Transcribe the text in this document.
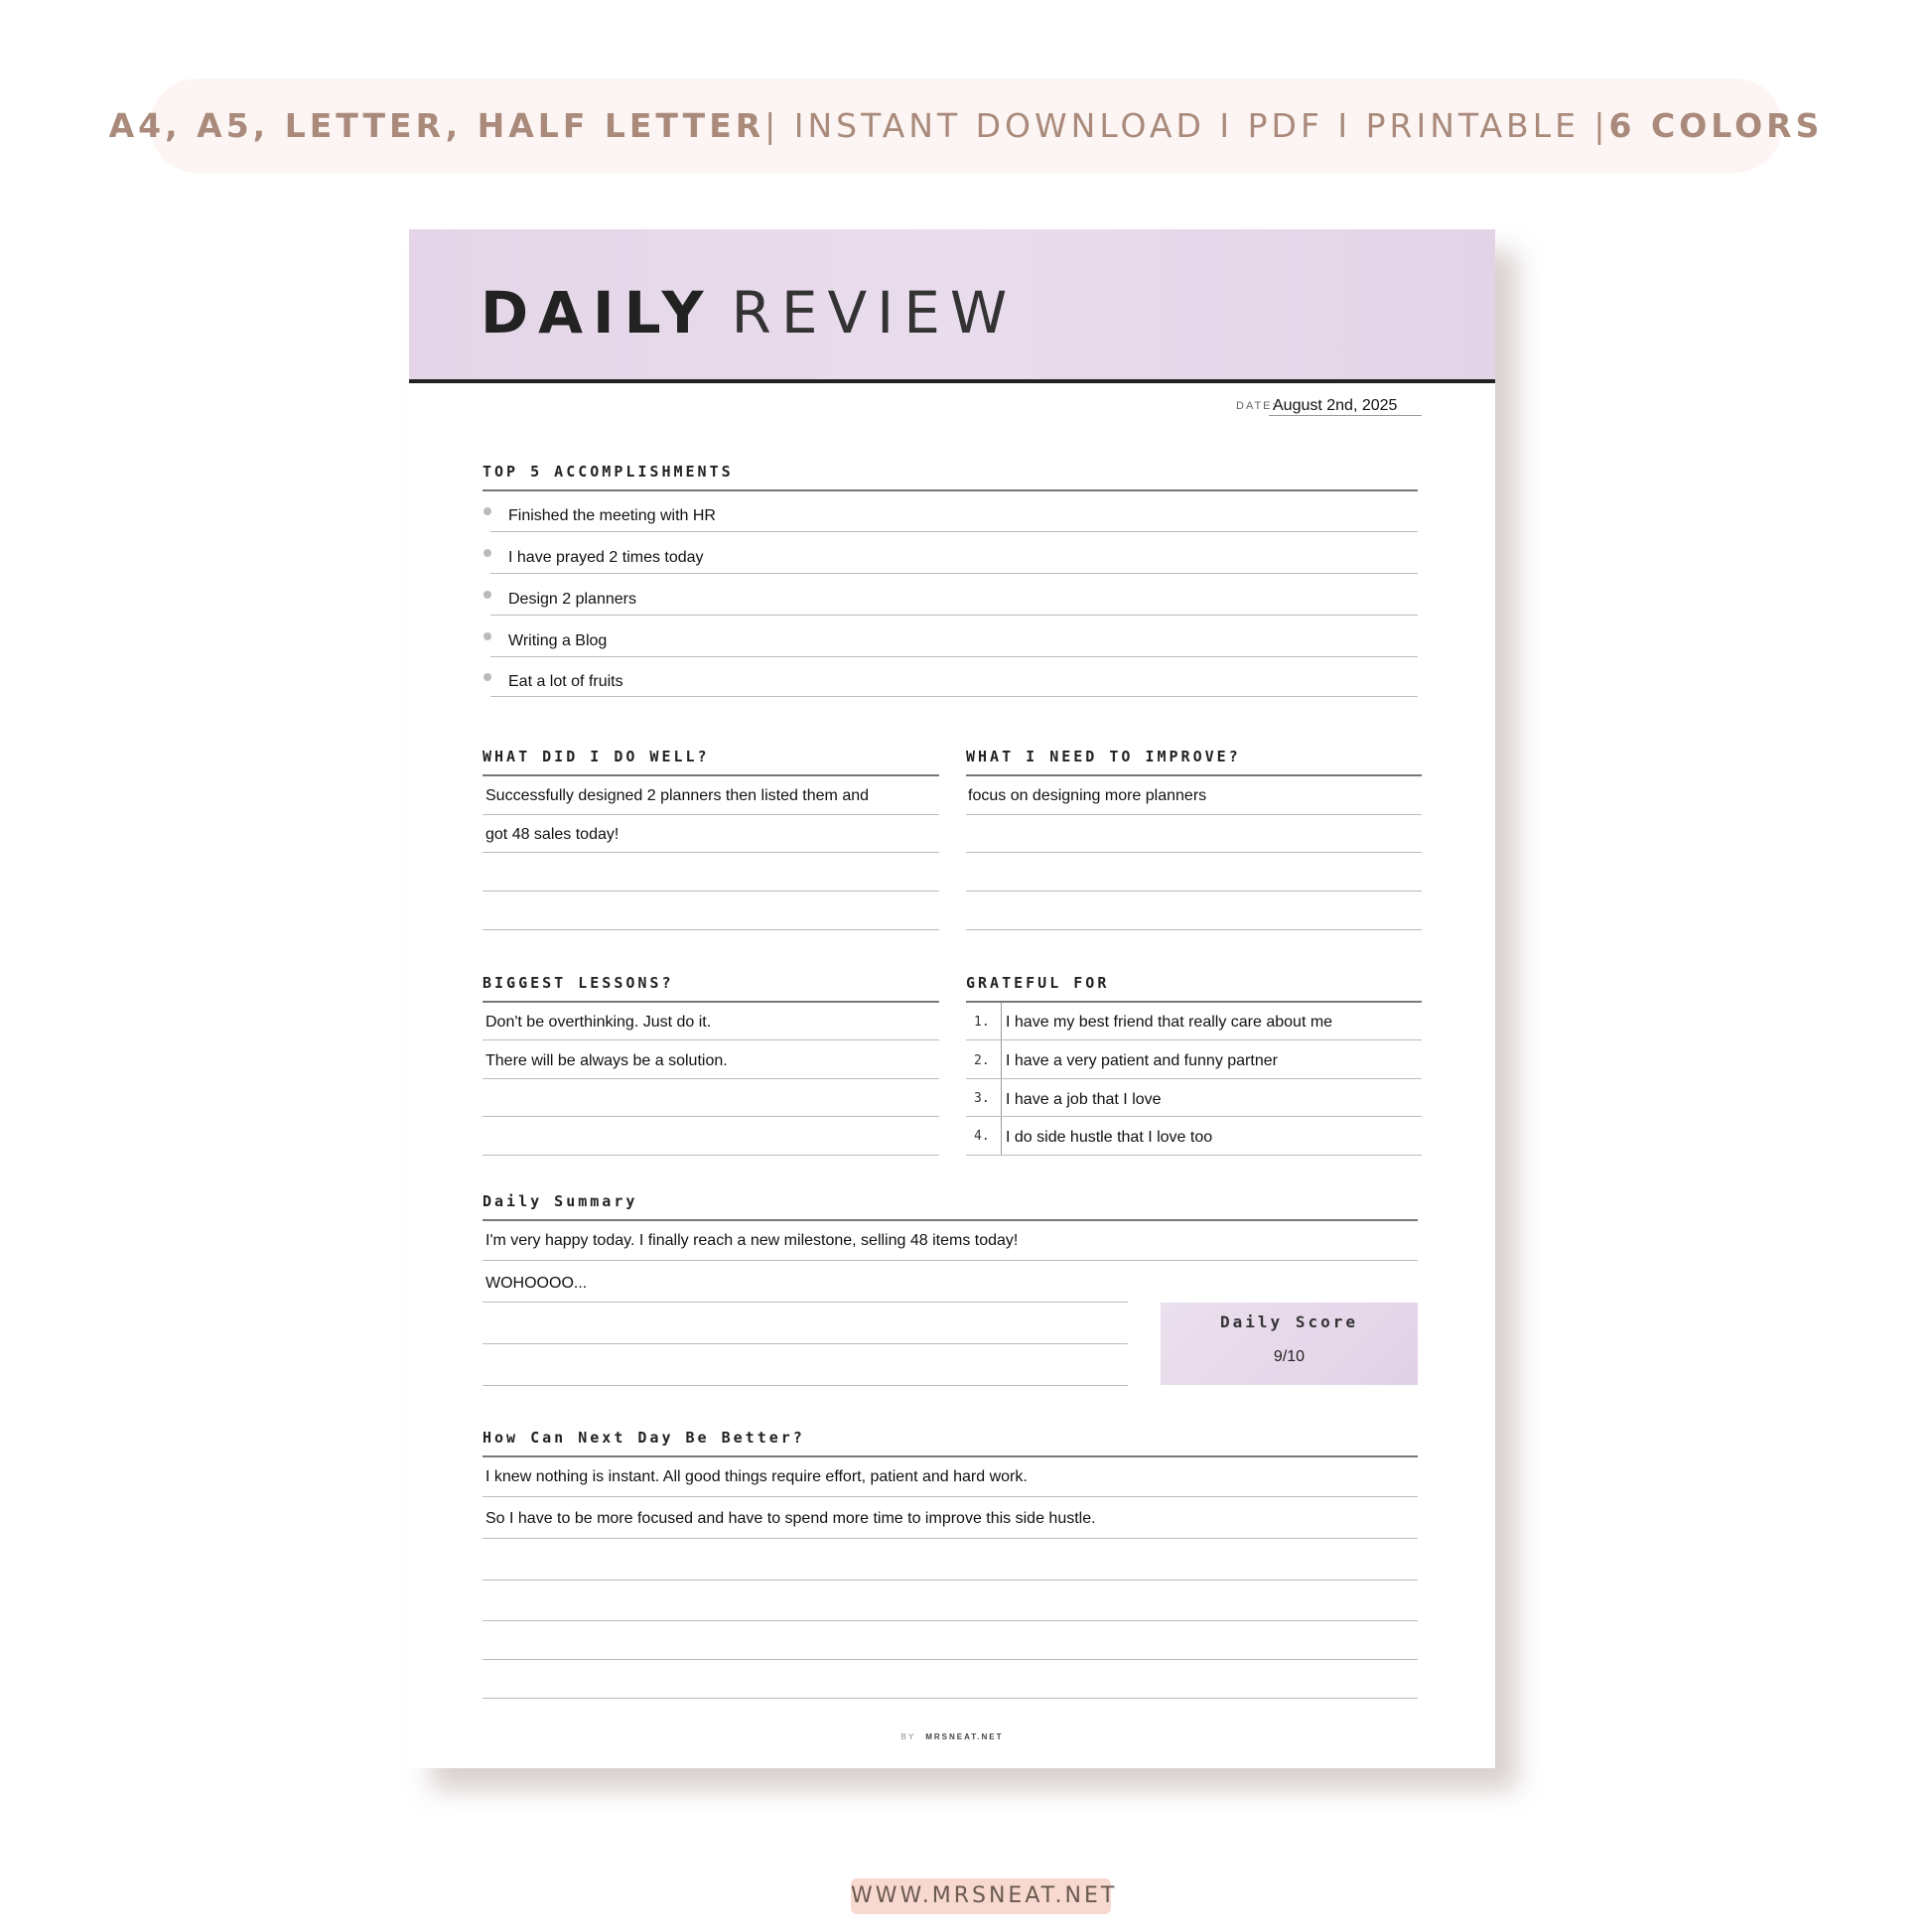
A4, A5, LETTER, HALF LETTER | INSTANT DOWNLOAD I PDF I PRINTABLE | 6 COLORS
DAILY REVIEW
DATE:
August 2nd, 2025
TOP 5 ACCOMPLISHMENTS
Finished the meeting with HR
I have prayed 2 times today
Design 2 planners
Writing a Blog
Eat a lot of fruits
WHAT DID I DO WELL?
Successfully designed 2 planners then listed them and
got 48 sales today!
WHAT I NEED TO IMPROVE?
focus on designing more planners
BIGGEST LESSONS?
Don't be overthinking. Just do it.
There will be always be a solution.
GRATEFUL FOR
1. I have my best friend that really care about me
2. I have a very patient and funny partner
3. I have a job that I love
4. I do side hustle that I love too
Daily Summary
I'm very happy today. I finally reach a new milestone, selling 48 items today!
WOHOOOO...
Daily Score
9/10
How Can Next Day Be Better?
I knew nothing is instant. All good things require effort, patient and hard work.
So I have to be more focused and have to spend more time to improve this side hustle.
BY MRSNEAT.NET
WWW.MRSNEAT.NET
